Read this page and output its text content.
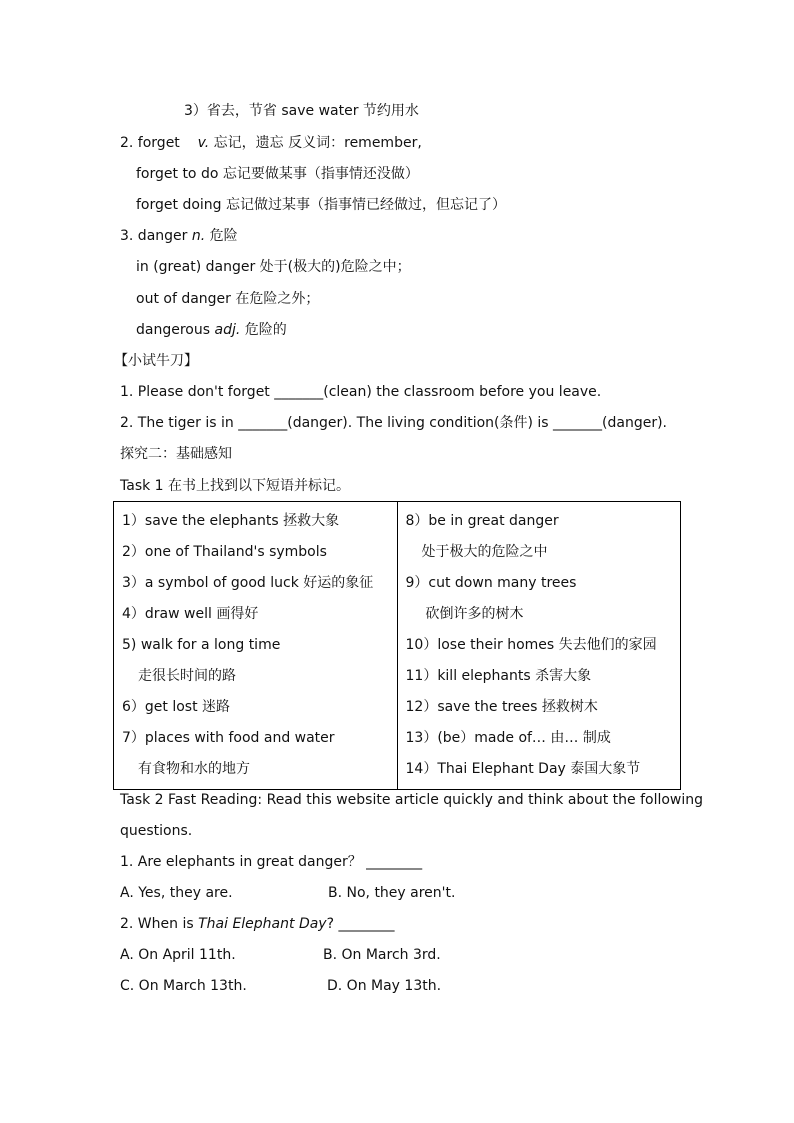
3）省去，节省 save water 节约用水
2. forget v. 忘记，遗忘 反义词：remember,
forget to do 忘记要做某事（指事情还没做）
forget doing 忘记做过某事（指事情已经做过，但忘记了）
3. danger n. 危险
in (great) danger 处于(极大的)危险之中；
out of danger 在危险之外；
dangerous adj. 危险的
【小试牛刀】
1. Please don't forget _______(clean) the classroom before you leave.
2. The tiger is in _______(danger). The living condition(条件) is _______(danger).
探究二：基础感知
Task 1 在书上找到以下短语并标记。
1）save the elephants 拯救大象
2）one of Thailand's symbols
3）a symbol of good luck 好运的象征
4）draw well 画得好
5) walk for a long time
走很长时间的路
6）get lost 迷路
7）places with food and water
有食物和水的地方

8）be in great danger
处于极大的危险之中
9）cut down many trees
砍倒许多的树木
10）lose their homes 失去他们的家园
11）kill elephants 杀害大象
12）save the trees 拯救树木
13）(be）made of… 由… 制成
14）Thai Elephant Day 泰国大象节
Task 2 Fast Reading: Read this website article quickly and think about the following
questions.
1. Are elephants in great danger？ ________
A. Yes, they are.	B. No, they aren't.
2. When is Thai Elephant Day? ________
A. On April 11th.	B. On March 3rd.
C. On March 13th.	D. On May 13th.
